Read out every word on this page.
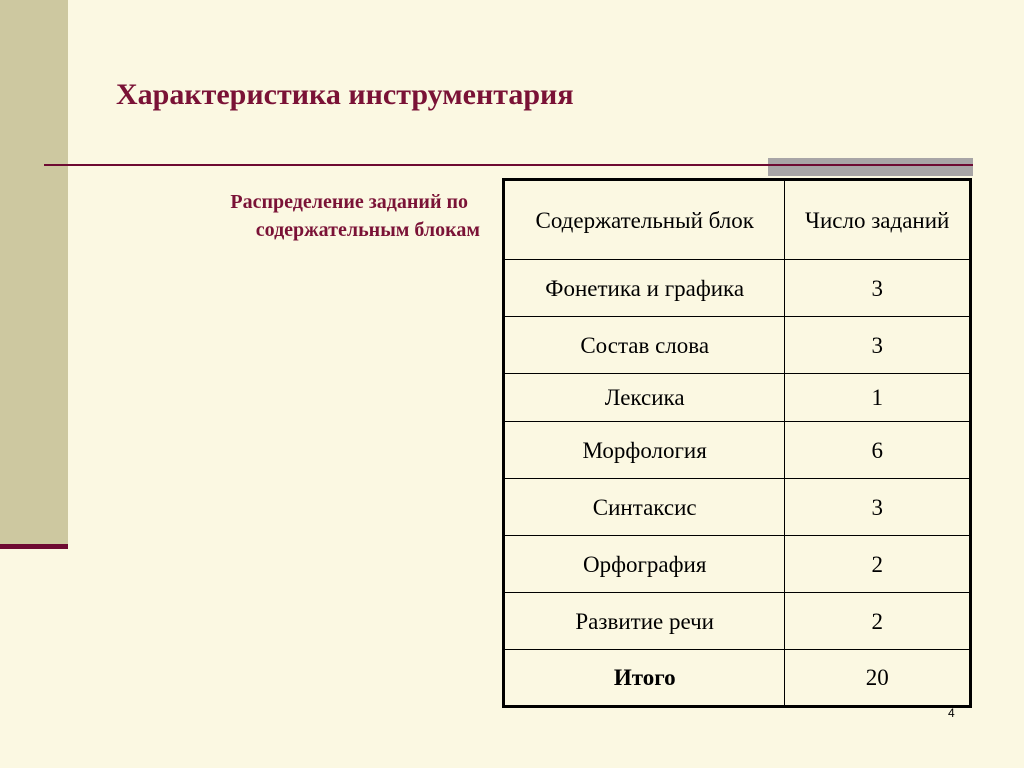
Характеристика инструментария
Распределение заданий по
содержательным блокам Содержательный блок	Число заданий
Фонетика и графика	3
Состав слова	3
Лексика	1
Морфология	6
Синтаксис	3
Орфография	2
Развитие речи	2
Итого	20
4
